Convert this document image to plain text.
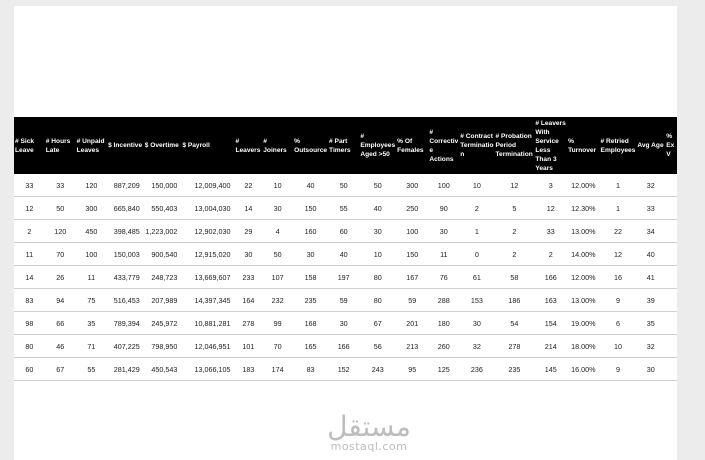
# Sick Leave	# Hours Late	# Unpaid Leaves	$ Incentive	$ Overtime	$ Payroll	# Leavers	# Joiners	% Outsource	# Part Timers	# Employees Aged >50	% Of Females	# Correctiv e Actions	# Contract Terminatio n	# Probation Period Termination	# Leavers With Service Less Than 3 Years	% Turnover	# Retried Employees	Avg Age	% Ex V
33	33	120	887,209	150,000	12,009,400	22	10	40	50	50	300	100	10	12	3	12.00%	1	32	
12	50	300	665,840	550,403	13,004,030	14	30	150	55	40	250	90	2	5	12	12.30%	1	33	
2	120	450	398,485	1,223,002	12,902,030	29	4	160	60	30	100	30	1	2	33	13.00%	22	34	
11	70	100	150,003	900,540	12,915,020	30	50	30	40	10	150	11	0	2	2	14.00%	12	40	
14	26	11	433,779	248,723	13,669,607	233	107	158	197	80	167	76	61	58	166	12.00%	16	41	
83	94	75	516,453	207,989	14,397,345	164	232	235	59	80	59	288	153	186	163	13.00%	9	39	
98	66	35	789,394	245,972	10,881,281	278	99	168	30	67	201	180	30	54	154	19.00%	6	35	
80	46	71	407,225	798,950	12,046,951	101	70	165	166	56	213	260	32	278	214	18.00%	10	32	
60	67	55	281,429	450,543	13,066,105	183	174	83	152	243	95	125	236	235	145	16.00%	9	30	
مستقل
mostaql.com
